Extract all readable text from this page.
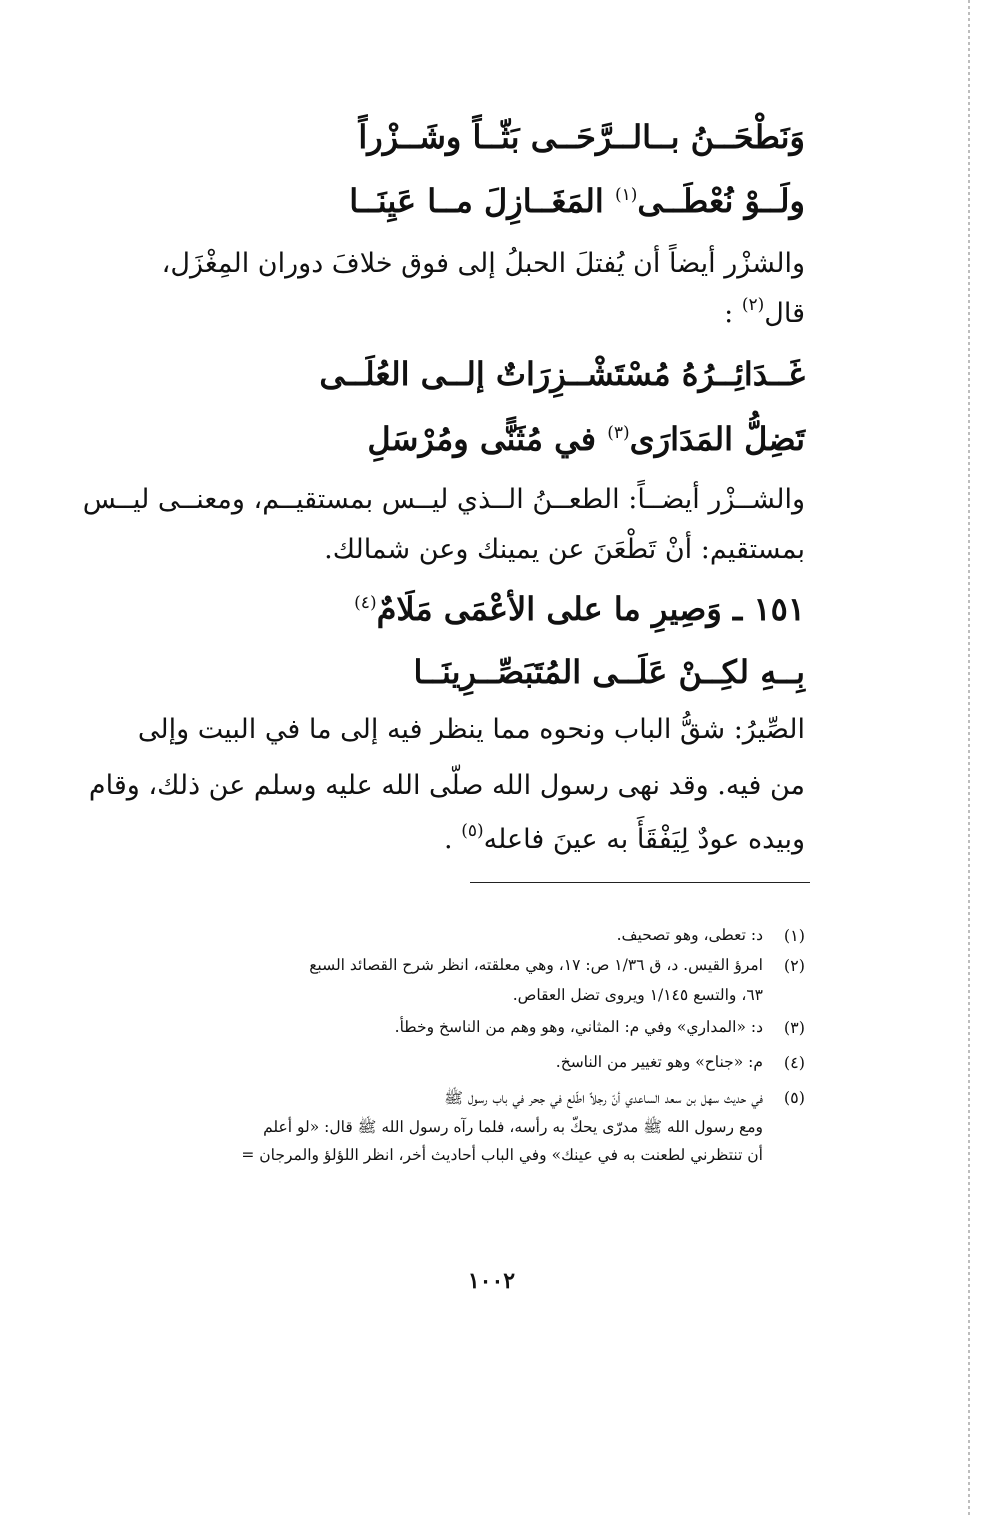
وَنَطْحَــنُ بــالــرَّحَــى بَثّــاً وشَــزْراً
ولَــوْ نُعْطَــى$^{(١)}$ المَغَــازِلَ مــا عَيِنَــا
والشزْر أيضاً أن يُفتلَ الحبلُ إلى فوق خلافَ دوران المِغْزَل،
قال$^{(٢)}$ :
غَــدَائِــرُهُ مُسْتَشْــزِرَاتٌ إلــى العُلَــى
تَضِلُّ المَدَارَى$^{(٣)}$ في مُثَنًّى ومُرْسَلِ
والشــزْر أيضــاً: الطعــنُ الــذي ليــس بمستقيــم، ومعنــى ليــس
بمستقيم: أنْ تَطْعَنَ عن يمينك وعن شمالك.
١٥١ ـ وَصِيرِ ما على الأعْمَى مَلَامٌ$^{(٤)}$
بِــهِ لكِــنْ عَلَــى المُتَبَصِّــرِينَــا
الصِّيرُ: شقُّ الباب ونحوه مما ينظر فيه إلى ما في البيت وإلى
من فيه. وقد نهى رسول الله صلّى الله عليه وسلم عن ذلك، وقام
وبيده عودٌ لِيَفْقَأَ به عينَ فاعله$^{(٥)}$ .
(١)
د: تعطى، وهو تصحيف.
(٢)
امرؤ القيس. د، ق ١/٣٦ ص: ١٧، وهي معلقته، انظر شرح القصائد السبع
٦٣، والتسع ١/١٤٥ ويروى تضل العقاص.
(٣)
د: «المداري» وفي م: المثاني، وهو وهم من الناسخ وخطأ.
(٤)
م: «جناح» وهو تغيير من الناسخ.
(٥)
في حديث سهل بن سعد الساعدي أنّ رجلاً اطّلع في جحر في باب رسول ﷺ
ومع رسول الله ﷺ مدرّى يحكّ به رأسه، فلما رآه رسول الله ﷺ قال: «لو أعلم
أن تنتظرني لطعنت به في عينك» وفي الباب أحاديث أخر، انظر اللؤلؤ والمرجان =
١٠٠٢
